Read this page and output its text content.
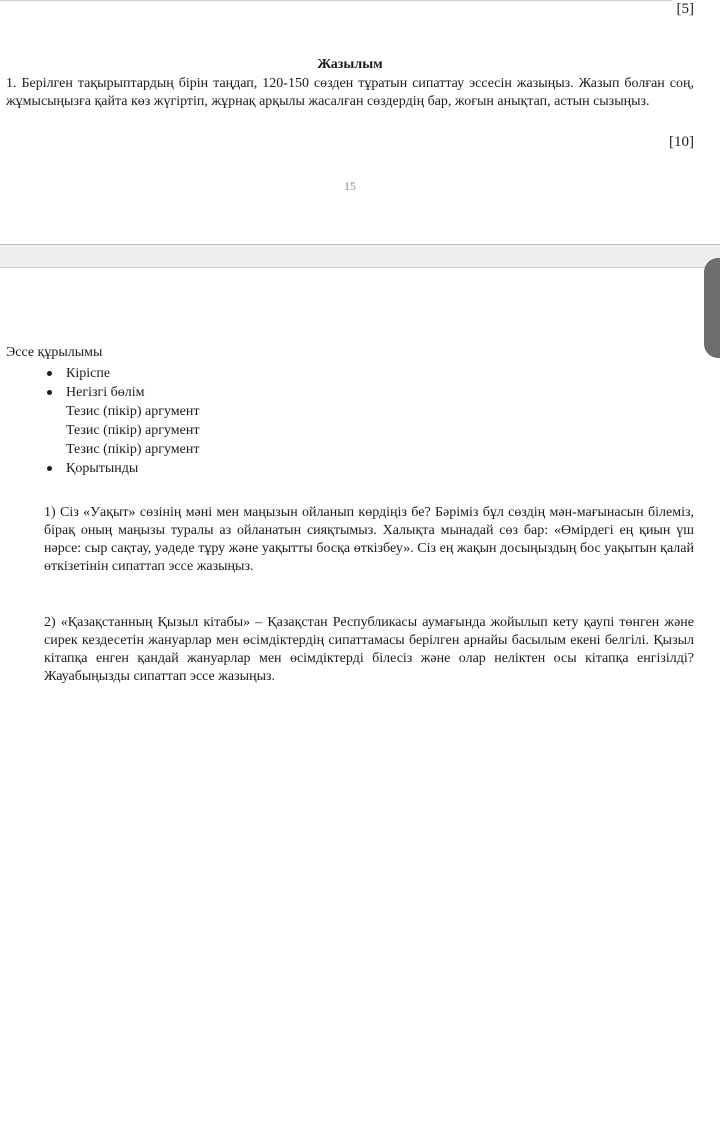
[5]
Жазылым
1. Берілген тақырыптардың бірін таңдап, 120-150 сөзден тұратын сипаттау эссесін жазыңыз. Жазып болған соң, жұмысыңызға қайта көз жүгіртіп, жұрнақ арқылы жасалған сөздердің бар, жоғын анықтап, астын сызыңыз.
[10]
15
Эссе құрылымы
Кіріспе
Негізгі бөлім
Тезис (пікір) аргумент
Тезис (пікір) аргумент
Тезис (пікір) аргумент
Қорытынды
1) Сіз «Уақыт» сөзінің мәні мен маңызын ойланып көрдіңіз бе? Бәріміз бұл сөздің мән-мағынасын білеміз, бірақ оның маңызы туралы аз ойланатын сияқтымыз. Халықта мынадай сөз бар: «Өмірдегі ең қиын үш нәрсе: сыр сақтау, уәдеде тұру және уақытты босқа өткізбеу». Сіз ең жақын досыңыздың бос уақытын қалай өткізетінін сипаттап эссе жазыңыз.
2) «Қазақстанның Қызыл кітабы» – Қазақстан Республикасы аумағында жойылып кету қаупі төнген және сирек кездесетін жануарлар мен өсімдіктердің сипаттамасы берілген арнайы басылым екені белгілі. Қызыл кітапқа енген қандай жануарлар мен өсімдіктерді білесіз және олар неліктен осы кітапқа енгізілді? Жауабыңызды сипаттап эссе жазыңыз.
